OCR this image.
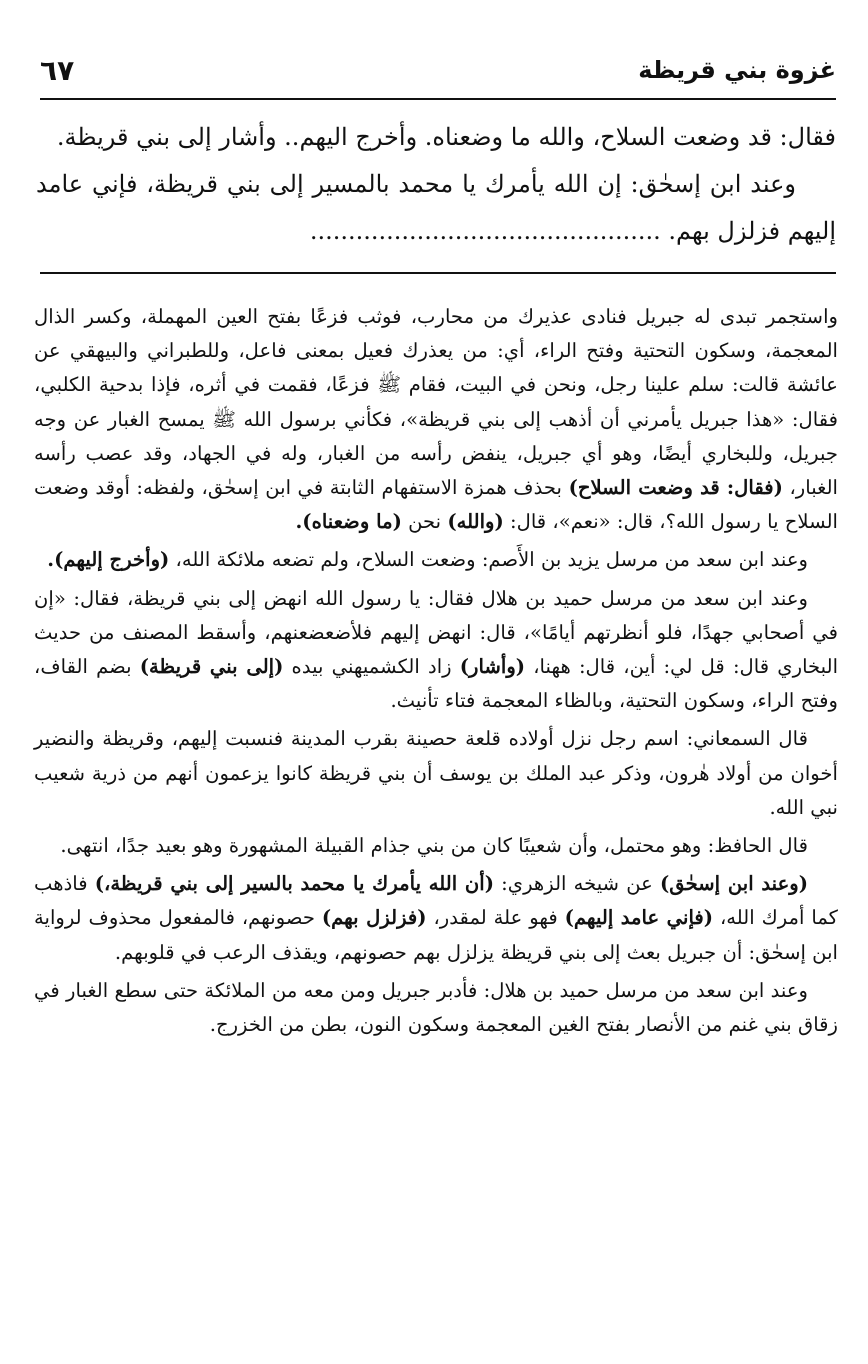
غزوة بني قريظة
٦٧

فقال: قد وضعت السلاح، والله ما وضعناه. وأخرج اليهم.. وأشار إلى بني قريظة.

وعند ابن إسحٰق: إن الله يأمرك يا محمد بالمسير إلى بني قريظة، فإني عامد إليهم فزلزل بهم. ..............................................

واستجمر تبدى له جبريل فنادى عذيرك من محارب، فوثب فزعًا بفتح العين المهملة، وكسر الذال المعجمة، وسكون التحتية وفتح الراء، أي: من يعذرك فعيل بمعنى فاعل، وللطبراني والبيهقي عن عائشة قالت: سلم علينا رجل، ونحن في البيت، فقام ﷺ فزعًا، فقمت في أثره، فإذا بدحية الكلبي، فقال: «هذا جبريل يأمرني أن أذهب إلى بني قريظة»، فكأني برسول الله ﷺ يمسح الغبار عن وجه جبريل، وللبخاري أيضًا، وهو أي جبريل، ينفض رأسه من الغبار، وله في الجهاد، وقد عصب رأسه الغبار، (فقال: قد وضعت السلاح) بحذف همزة الاستفهام الثابتة في ابن إسحٰق، ولفظه: أوقد وضعت السلاح يا رسول الله؟، قال: «نعم»، قال: (والله) نحن (ما وضعناه).

وعند ابن سعد من مرسل يزيد بن الأَصم: وضعت السلاح، ولم تضعه ملائكة الله، (وأخرج إليهم).

وعند ابن سعد من مرسل حميد بن هلال فقال: يا رسول الله انهض إلى بني قريظة، فقال: «إن في أصحابي جهدًا، فلو أنظرتهم أيامًا»، قال: انهض إليهم فلأضعضعنهم، وأسقط المصنف من حديث البخاري قال: قل لي: أين، قال: ههنا، (وأشار) زاد الكشميهني بيده (إلى بني قريظة) بضم القاف، وفتح الراء، وسكون التحتية، وبالظاء المعجمة فتاء تأنيث.

قال السمعاني: اسم رجل نزل أولاده قلعة حصينة بقرب المدينة فنسبت إليهم، وقريظة والنضير أخوان من أولاد هٰرون، وذكر عبد الملك بن يوسف أن بني قريظة كانوا يزعمون أنهم من ذرية شعيب نبي الله.

قال الحافظ: وهو محتمل، وأن شعيبًا كان من بني جذام القبيلة المشهورة وهو بعيد جدًا، انتهى.

(وعند ابن إسحٰق) عن شيخه الزهري: (أن الله يأمرك يا محمد بالسير إلى بني قريظة،) فاذهب كما أمرك الله، (فإني عامد إليهم) فهو علة لمقدر، (فزلزل بهم) حصونهم، فالمفعول محذوف لرواية ابن إسحٰق: أن جبريل بعث إلى بني قريظة يزلزل بهم حصونهم، ويقذف الرعب في قلوبهم.

وعند ابن سعد من مرسل حميد بن هلال: فأدبر جبريل ومن معه من الملائكة حتى سطع الغبار في زقاق بني غنم من الأنصار بفتح الغين المعجمة وسكون النون، بطن من الخزرج.
